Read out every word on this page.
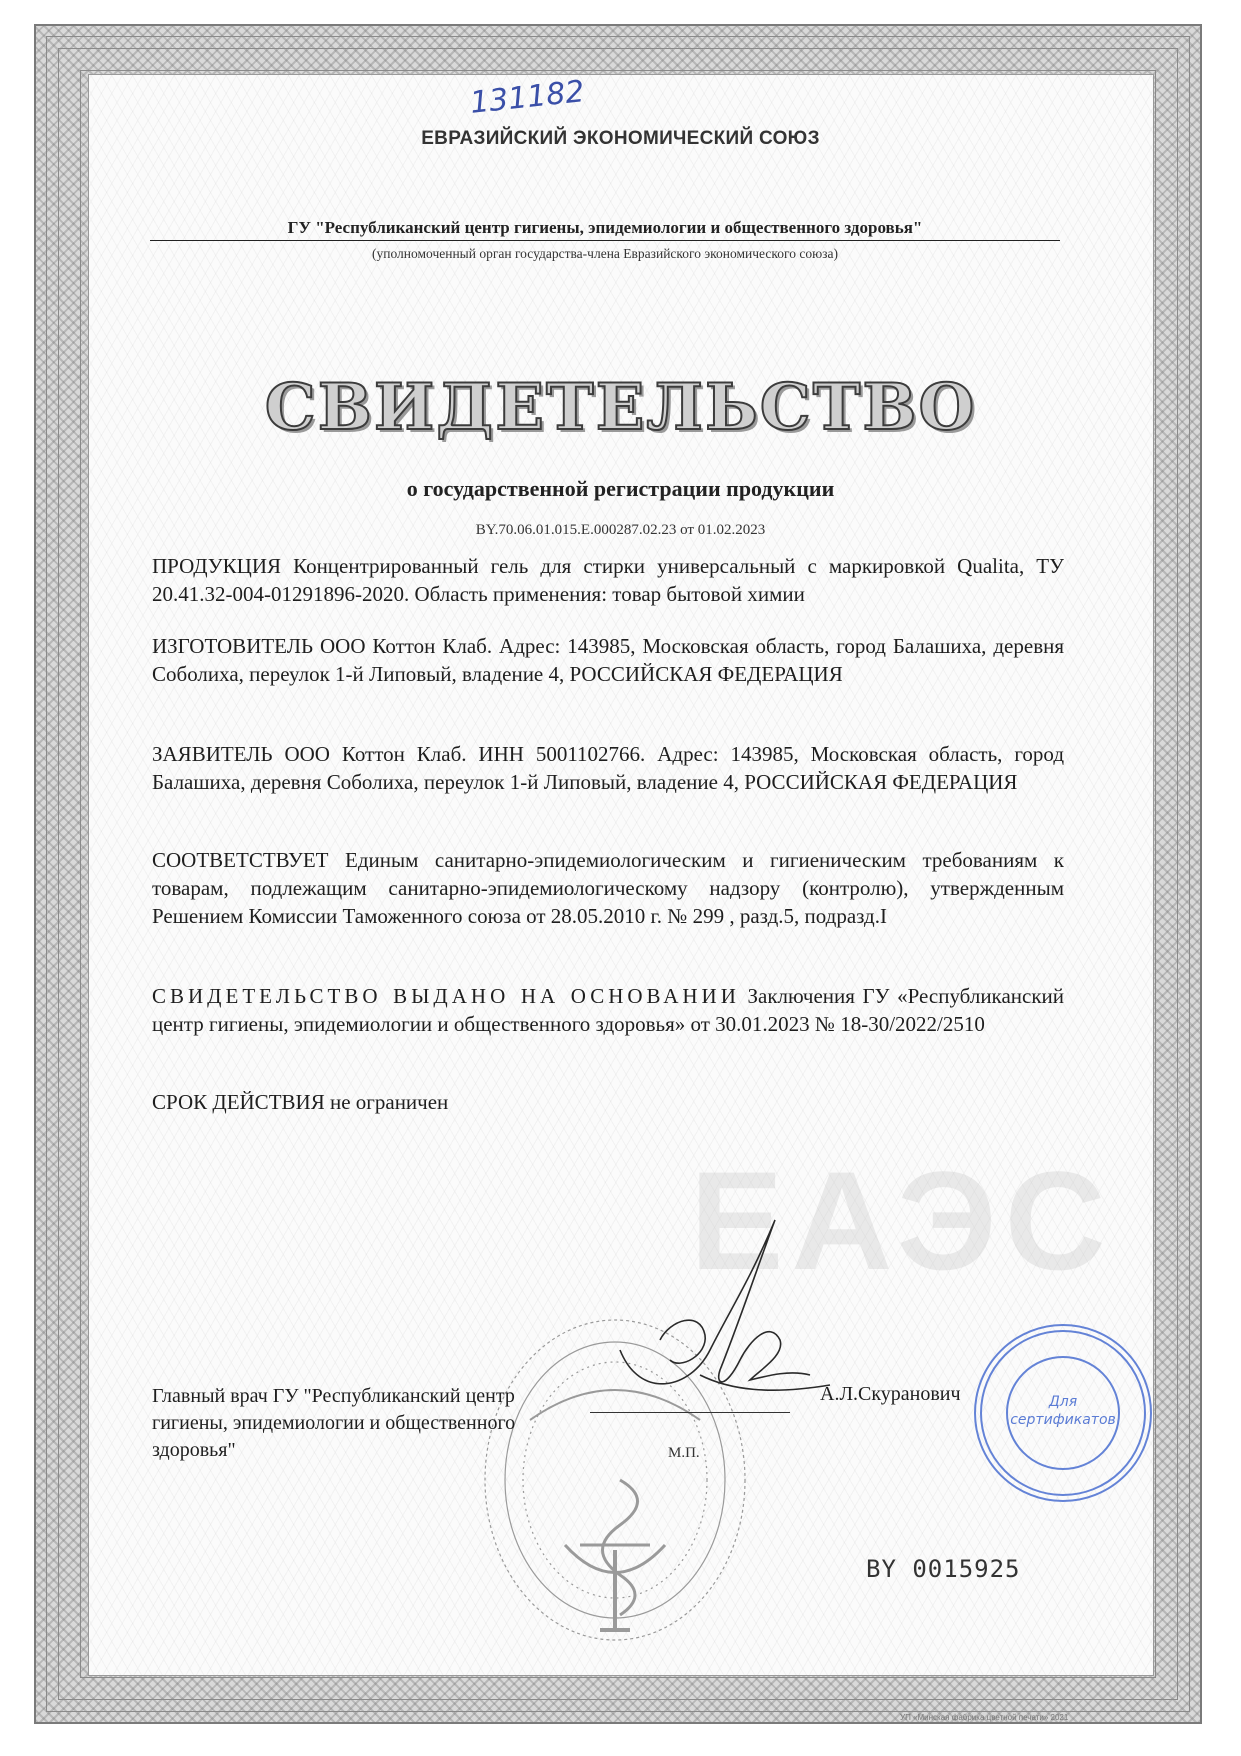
131182
ЕВРАЗИЙСКИЙ ЭКОНОМИЧЕСКИЙ СОЮЗ
ГУ "Республиканский центр гигиены, эпидемиологии и общественного здоровья"
(уполномоченный орган государства-члена Евразийского экономического союза)
СВИДЕТЕЛЬСТВО
о государственной регистрации продукции
BY.70.06.01.015.E.000287.02.23 от 01.02.2023
ЕАЭС
ПРОДУКЦИЯ Концентрированный гель для стирки универсальный с маркировкой Qualita, ТУ 20.41.32-004-01291896-2020. Область применения: товар бытовой химии
ИЗГОТОВИТЕЛЬ ООО Коттон Клаб. Адрес: 143985, Московская область, город Балашиха, деревня Соболиха, переулок 1-й Липовый, владение 4, РОССИЙСКАЯ ФЕДЕРАЦИЯ
ЗАЯВИТЕЛЬ ООО Коттон Клаб. ИНН 5001102766. Адрес: 143985, Московская область, город Балашиха, деревня Соболиха, переулок 1-й Липовый, владение 4, РОССИЙСКАЯ ФЕДЕРАЦИЯ
СООТВЕТСТВУЕТ Единым санитарно-эпидемиологическим и гигиеническим требованиям к товарам, подлежащим санитарно-эпидемиологическому надзору (контролю), утвержденным Решением Комиссии Таможенного союза от 28.05.2010 г. № 299 , разд.5, подразд.I
СВИДЕТЕЛЬСТВО ВЫДАНО НА ОСНОВАНИИ Заключения ГУ «Республиканский центр гигиены, эпидемиологии и общественного здоровья» от 30.01.2023 № 18-30/2022/2510
СРОК ДЕЙСТВИЯ не ограничен
Главный врач ГУ "Республиканский центр гигиены, эпидемиологии и общественного здоровья"
А.Л.Скуранович
М.П.
Для
сертификатов
BY 0015925
УП «Минская фабрика цветной печати» 2021
